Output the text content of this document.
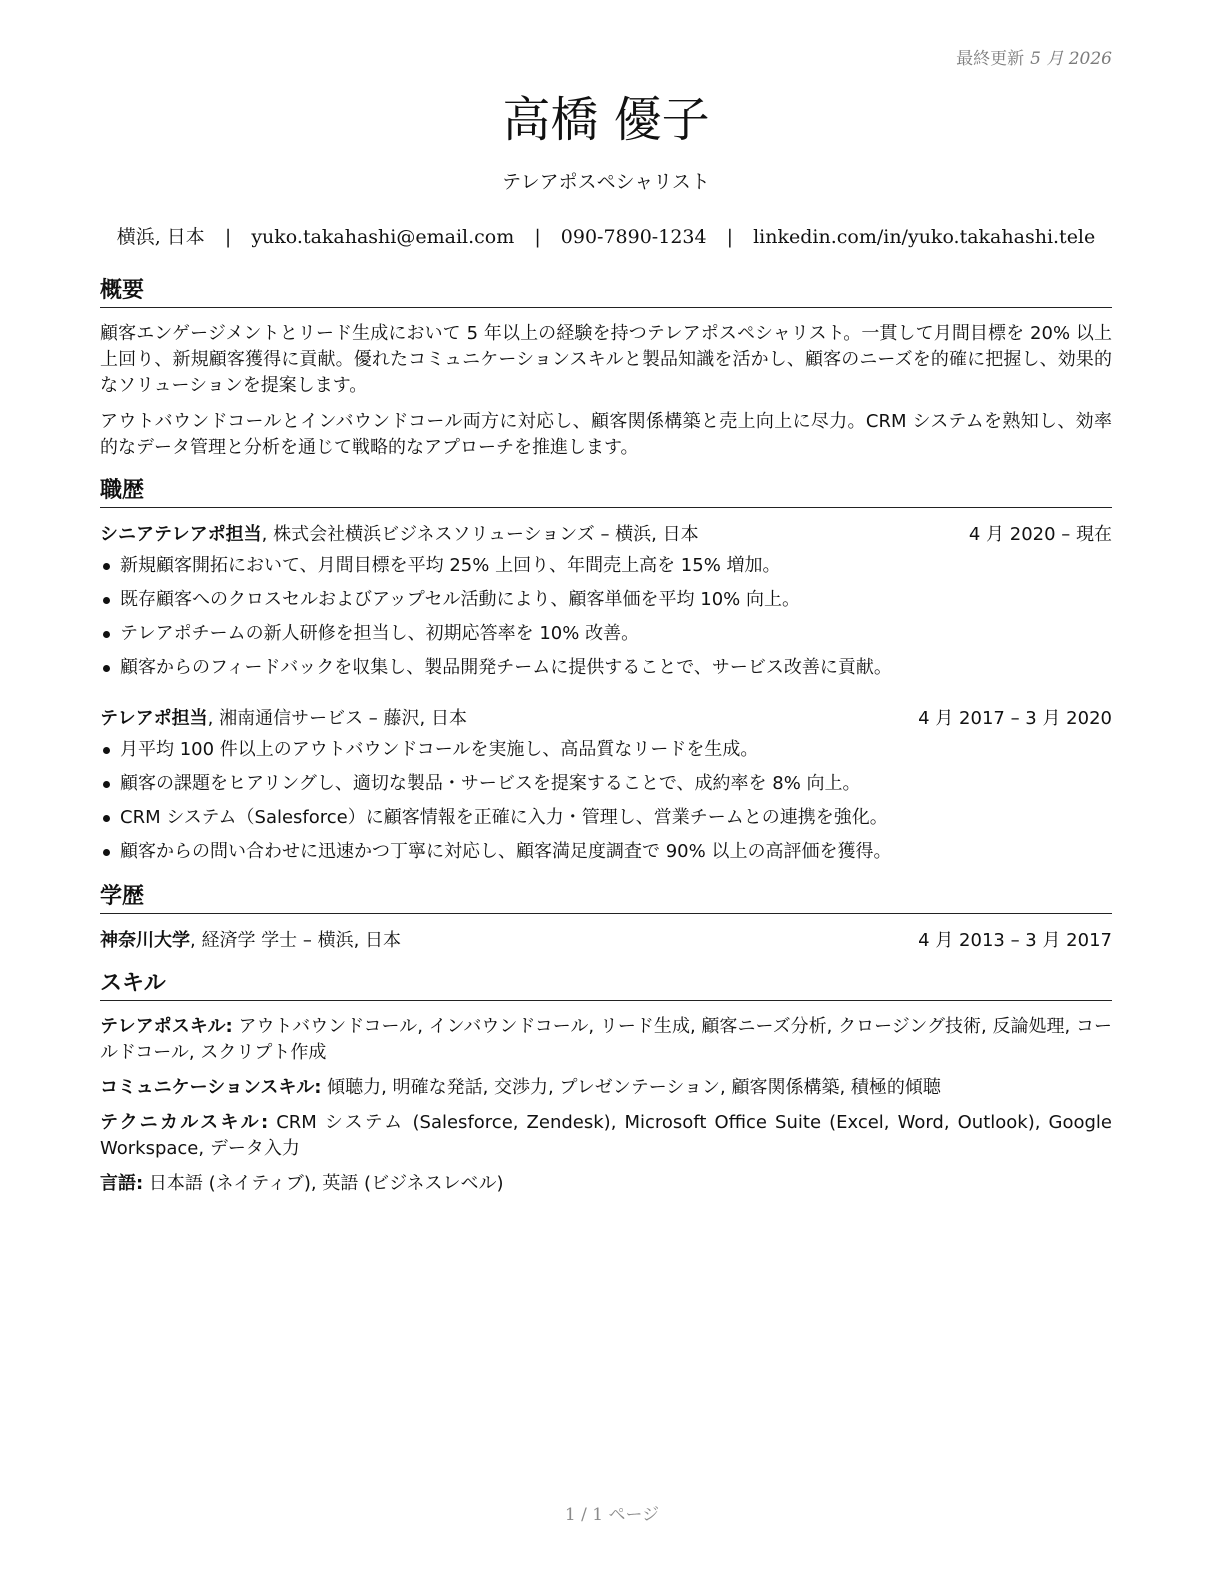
最終更新 5 月 2026
高橋 優子
テレアポスペシャリスト
横浜, 日本 | yuko.takahashi@email.com | 090-7890-1234 | linkedin.com/in/yuko.takahashi.tele
概要
顧客エンゲージメントとリード生成において 5 年以上の経験を持つテレアポスペシャリスト。一貫して月間目標を 20% 以上上回り、新規顧客獲得に貢献。優れたコミュニケーションスキルと製品知識を活かし、顧客のニーズを的確に把握し、効果的なソリューションを提案します。
アウトバウンドコールとインバウンドコール両方に対応し、顧客関係構築と売上向上に尽力。CRM システムを熟知し、効率的なデータ管理と分析を通じて戦略的なアプローチを推進します。
職歴
シニアテレアポ担当, 株式会社横浜ビジネスソリューションズ – 横浜, 日本	4 月 2020 – 現在
新規顧客開拓において、月間目標を平均 25% 上回り、年間売上高を 15% 増加。
既存顧客へのクロスセルおよびアップセル活動により、顧客単価を平均 10% 向上。
テレアポチームの新人研修を担当し、初期応答率を 10% 改善。
顧客からのフィードバックを収集し、製品開発チームに提供することで、サービス改善に貢献。
テレアポ担当, 湘南通信サービス – 藤沢, 日本	4 月 2017 – 3 月 2020
月平均 100 件以上のアウトバウンドコールを実施し、高品質なリードを生成。
顧客の課題をヒアリングし、適切な製品・サービスを提案することで、成約率を 8% 向上。
CRM システム（Salesforce）に顧客情報を正確に入力・管理し、営業チームとの連携を強化。
顧客からの問い合わせに迅速かつ丁寧に対応し、顧客満足度調査で 90% 以上の高評価を獲得。
学歴
神奈川大学, 経済学 学士 – 横浜, 日本	4 月 2013 – 3 月 2017
スキル
テレアポスキル: アウトバウンドコール, インバウンドコール, リード生成, 顧客ニーズ分析, クロージング技術, 反論処理, コールドコール, スクリプト作成
コミュニケーションスキル: 傾聴力, 明確な発話, 交渉力, プレゼンテーション, 顧客関係構築, 積極的傾聴
テクニカルスキル: CRM システム (Salesforce, Zendesk), Microsoft Office Suite (Excel, Word, Outlook), Google Workspace, データ入力
言語: 日本語 (ネイティブ), 英語 (ビジネスレベル)
1 / 1 ページ
